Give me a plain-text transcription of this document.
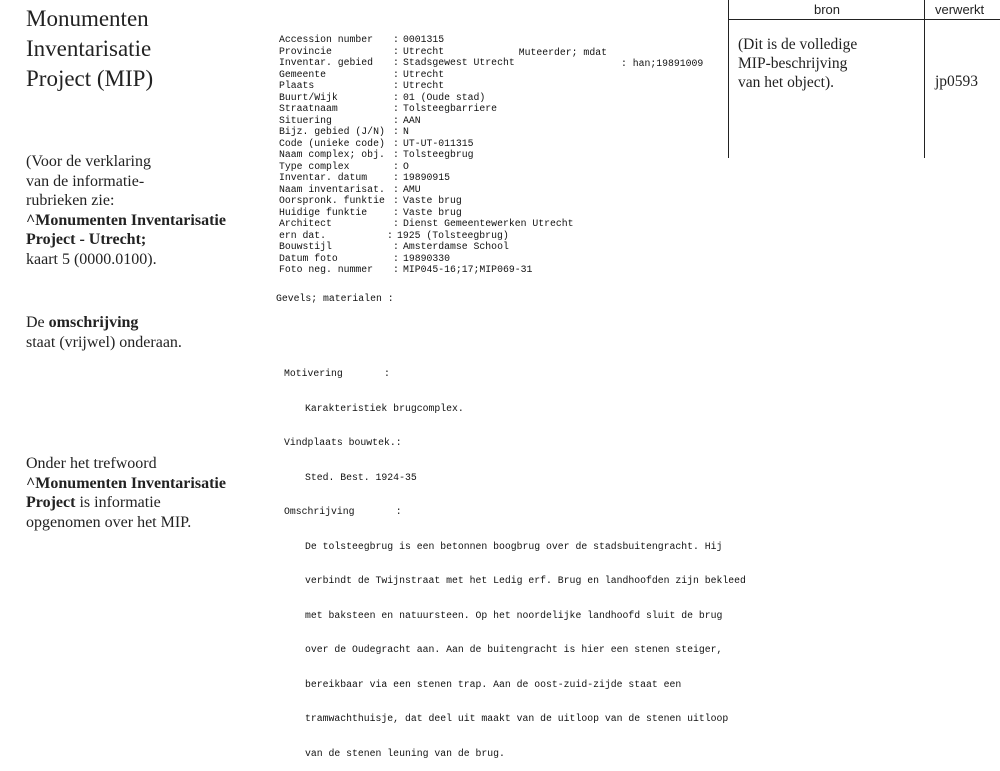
Monumenten
Inventarisatie
Project (MIP)
(Voor de verklaring
van de informatie-
rubrieken zie:
^Monumenten Inventarisatie
Project - Utrecht;
kaart 5 (0000.0100).
De omschrijving
staat (vrijwel) onderaan.
Onder het trefwoord
^Monumenten Inventarisatie
Project is informatie
opgenomen over het MIP.
Accession number : 0001315
Provincie	: Utrecht
Inventar. gebied : Stadsgewest Utrecht
Gemeente	: Utrecht
Plaats	: Utrecht
Buurt/Wijk	: 01 (Oude stad)
Straatnaam	: Tolsteegbarriere
Situering	: AAN
Bijz. gebied (J/N) : N
Code (unieke code) : UT-UT-011315
Naam complex; obj. : Tolsteegbrug
Type complex	: O
Inventar. datum	: 19890915
Naam inventarisat. : AMU
Oorspronk. funktie : Vaste brug
Huidige funktie	: Vaste brug
Architect	: Dienst Gemeentewerken Utrecht
ern dat.	: 1925 (Tolsteegbrug)
Bouwstijl	: Amsterdamse School
Datum foto	: 19890330
Foto neg. nummer : MIP045-16;17;MIP069-31

Muteerder; mdat

: han;19891009

Gevels; materialen :

Motivering       :

Karakteristiek brugcomplex.

Vindplaats bouwtek.:

Sted. Best. 1924-35

Omschrijving       :

De tolsteegbrug is een betonnen boogbrug over de stadsbuitengracht. Hij

verbindt de Twijnstraat met het Ledig erf. Brug en landhoofden zijn bekleed

met baksteen en natuursteen. Op het noordelijke landhoofd sluit de brug

over de Oudegracht aan. Aan de buitengracht is hier een stenen steiger,

bereikbaar via een stenen trap. Aan de oost-zuid-zijde staat een

tramwachthuisje, dat deel uit maakt van de uitloop van de stenen uitloop

van de stenen leuning van de brug.

bron	verwerkt
(Dit is de volledige
MIP-beschrijving
van het object).	jp0593
